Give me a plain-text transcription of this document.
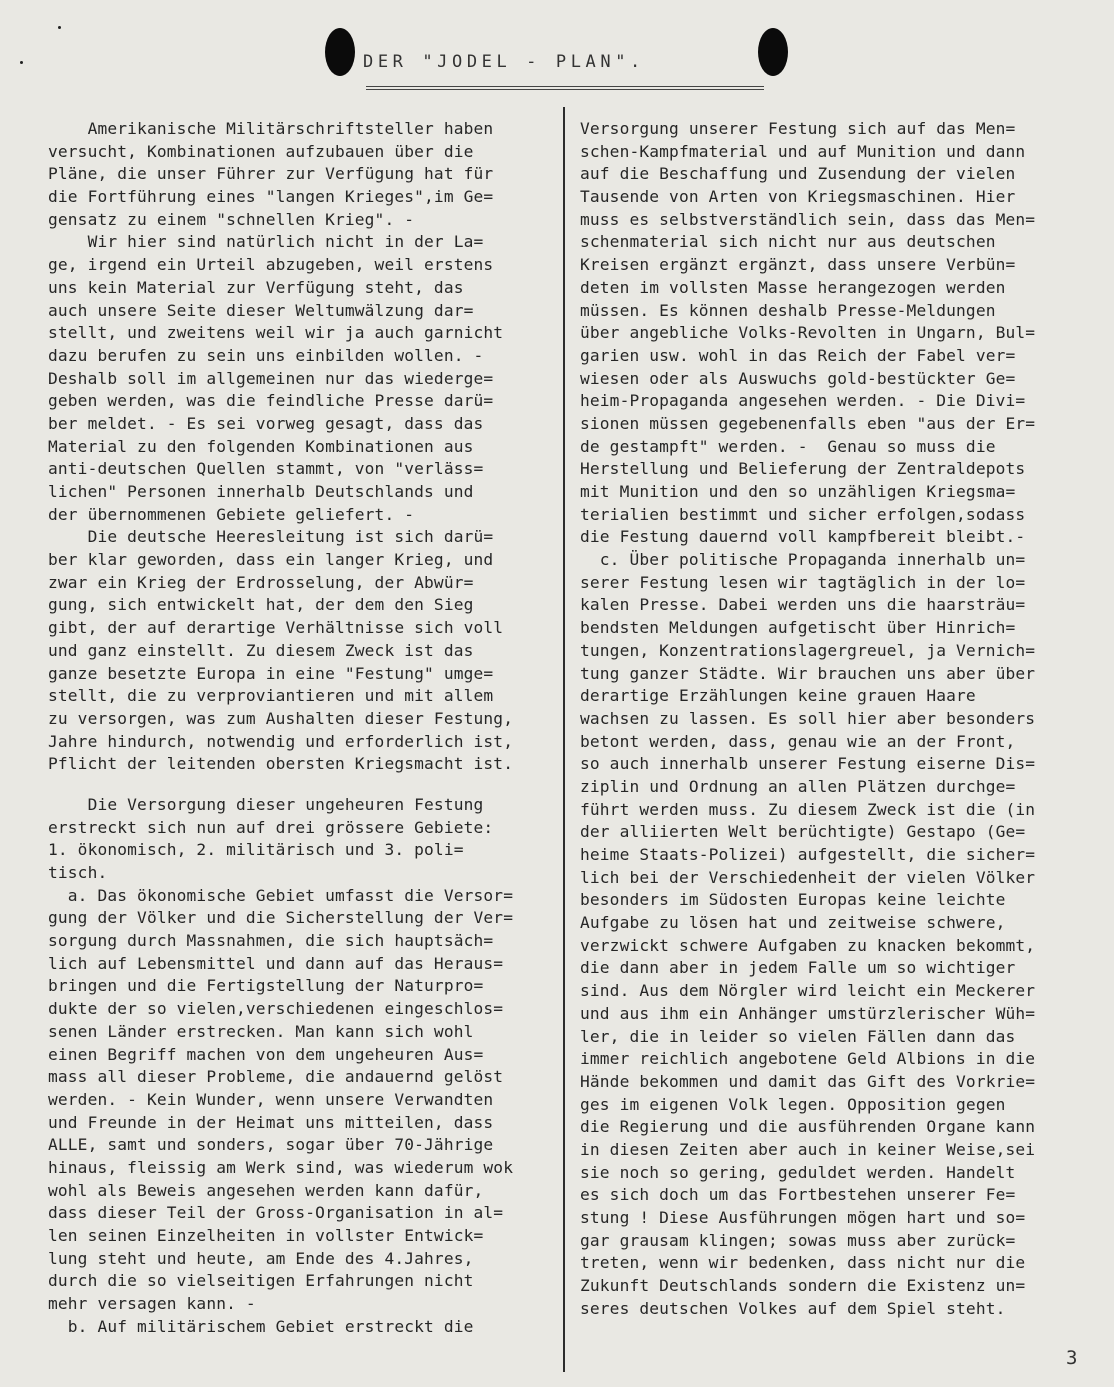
DER "JODEL - PLAN".
Amerikanische Militärschriftsteller haben
versucht, Kombinationen aufzubauen über die
Pläne, die unser Führer zur Verfügung hat für
die Fortführung eines "langen Krieges",im Ge=
gensatz zu einem "schnellen Krieg". -
Wir hier sind natürlich nicht in der La=
ge, irgend ein Urteil abzugeben, weil erstens
uns kein Material zur Verfügung steht, das
auch unsere Seite dieser Weltumwälzung dar=
stellt, und zweitens weil wir ja auch garnicht
dazu berufen zu sein uns einbilden wollen. -
Deshalb soll im allgemeinen nur das wiederge=
geben werden, was die feindliche Presse darü=
ber meldet. - Es sei vorweg gesagt, dass das
Material zu den folgenden Kombinationen aus
anti-deutschen Quellen stammt, von "verläss=
lichen" Personen innerhalb Deutschlands und
der übernommenen Gebiete geliefert. -
Die deutsche Heeresleitung ist sich darü=
ber klar geworden, dass ein langer Krieg, und
zwar ein Krieg der Erdrosselung, der Abwür=
gung, sich entwickelt hat, der dem den Sieg
gibt, der auf derartige Verhältnisse sich voll
und ganz einstellt. Zu diesem Zweck ist das
ganze besetzte Europa in eine "Festung" umge=
stellt, die zu verproviantieren und mit allem
zu versorgen, was zum Aushalten dieser Festung,
Jahre hindurch, notwendig und erforderlich ist,
Pflicht der leitenden obersten Kriegsmacht ist.
Die Versorgung dieser ungeheuren Festung
erstreckt sich nun auf drei grössere Gebiete:
1. ökonomisch, 2. militärisch und 3. poli=
tisch.
a. Das ökonomische Gebiet umfasst die Versor=
gung der Völker und die Sicherstellung der Ver=
sorgung durch Massnahmen, die sich hauptsäch=
lich auf Lebensmittel und dann auf das Heraus=
bringen und die Fertigstellung der Naturpro=
dukte der so vielen,verschiedenen eingeschlos=
senen Länder erstrecken. Man kann sich wohl
einen Begriff machen von dem ungeheuren Aus=
mass all dieser Probleme, die andauernd gelöst
werden. - Kein Wunder, wenn unsere Verwandten
und Freunde in der Heimat uns mitteilen, dass
ALLE, samt und sonders, sogar über 70-Jährige
hinaus, fleissig am Werk sind, was wiederum wok
wohl als Beweis angesehen werden kann dafür,
dass dieser Teil der Gross-Organisation in al=
len seinen Einzelheiten in vollster Entwick=
lung steht und heute, am Ende des 4.Jahres,
durch die so vielseitigen Erfahrungen nicht
mehr versagen kann. -
b. Auf militärischem Gebiet erstreckt die
Versorgung unserer Festung sich auf das Men=
schen-Kampfmaterial und auf Munition und dann
auf die Beschaffung und Zusendung der vielen
Tausende von Arten von Kriegsmaschinen. Hier
muss es selbstverständlich sein, dass das Men=
schenmaterial sich nicht nur aus deutschen
Kreisen ergänzt ergänzt, dass unsere Verbün=
deten im vollsten Masse herangezogen werden
müssen. Es können deshalb Presse-Meldungen
über angebliche Volks-Revolten in Ungarn, Bul=
garien usw. wohl in das Reich der Fabel ver=
wiesen oder als Auswuchs gold-bestückter Ge=
heim-Propaganda angesehen werden. - Die Divi=
sionen müssen gegebenenfalls eben "aus der Er=
de gestampft" werden. -  Genau so muss die
Herstellung und Belieferung der Zentraldepots
mit Munition und den so unzähligen Kriegsma=
terialien bestimmt und sicher erfolgen,sodass
die Festung dauernd voll kampfbereit bleibt.-
c. Über politische Propaganda innerhalb un=
serer Festung lesen wir tagtäglich in der lo=
kalen Presse. Dabei werden uns die haarsträu=
bendsten Meldungen aufgetischt über Hinrich=
tungen, Konzentrationslagergreuel, ja Vernich=
tung ganzer Städte. Wir brauchen uns aber über
derartige Erzählungen keine grauen Haare
wachsen zu lassen. Es soll hier aber besonders
betont werden, dass, genau wie an der Front,
so auch innerhalb unserer Festung eiserne Dis=
ziplin und Ordnung an allen Plätzen durchge=
führt werden muss. Zu diesem Zweck ist die (in
der alliierten Welt berüchtigte) Gestapo (Ge=
heime Staats-Polizei) aufgestellt, die sicher=
lich bei der Verschiedenheit der vielen Völker
besonders im Südosten Europas keine leichte
Aufgabe zu lösen hat und zeitweise schwere,
verzwickt schwere Aufgaben zu knacken bekommt,
die dann aber in jedem Falle um so wichtiger
sind. Aus dem Nörgler wird leicht ein Meckerer
und aus ihm ein Anhänger umstürzlerischer Wüh=
ler, die in leider so vielen Fällen dann das
immer reichlich angebotene Geld Albions in die
Hände bekommen und damit das Gift des Vorkrie=
ges im eigenen Volk legen. Opposition gegen
die Regierung und die ausführenden Organe kann
in diesen Zeiten aber auch in keiner Weise,sei
sie noch so gering, geduldet werden. Handelt
es sich doch um das Fortbestehen unserer Fe=
stung ! Diese Ausführungen mögen hart und so=
gar grausam klingen; sowas muss aber zurück=
treten, wenn wir bedenken, dass nicht nur die
Zukunft Deutschlands sondern die Existenz un=
seres deutschen Volkes auf dem Spiel steht.
3
